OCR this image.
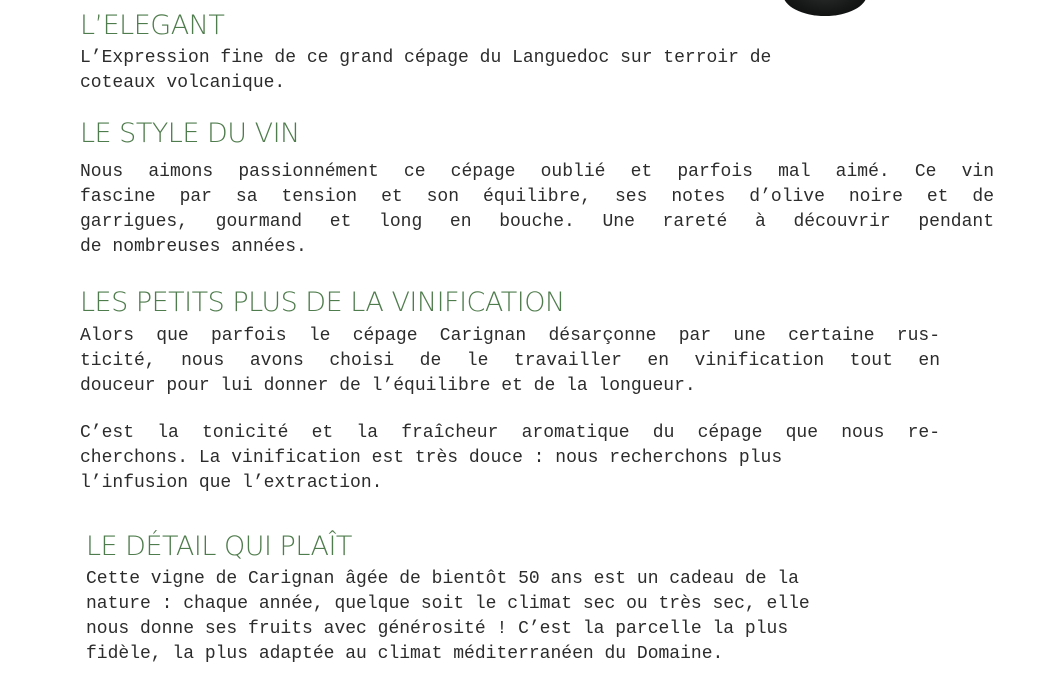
L’ELEGANT
L’Expression fine de ce grand cépage du Languedoc sur terroir de
coteaux volcanique.
LE STYLE DU VIN
Nous aimons passionnément ce cépage oublié et parfois mal aimé. Ce vin
fascine par sa tension et son équilibre, ses notes d’olive noire et de
garrigues, gourmand et long en bouche. Une rareté à découvrir pendant
de nombreuses années.
LES PETITS PLUS DE LA VINIFICATION
Alors que parfois le cépage Carignan désarçonne par une certaine rus-
ticité, nous avons choisi de le travailler en vinification tout en
douceur pour lui donner de l’équilibre et de la longueur.
C’est la tonicité et la fraîcheur aromatique du cépage que nous re-
cherchons. La vinification est très douce : nous recherchons plus
l’infusion que l’extraction.
LE DÉTAIL QUI PLAÎT
Cette vigne de Carignan âgée de bientôt 50 ans est un cadeau de la
nature : chaque année, quelque soit le climat sec ou très sec, elle
nous donne ses fruits avec générosité ! C’est la parcelle la plus
fidèle, la plus adaptée au climat méditerranéen du Domaine.
